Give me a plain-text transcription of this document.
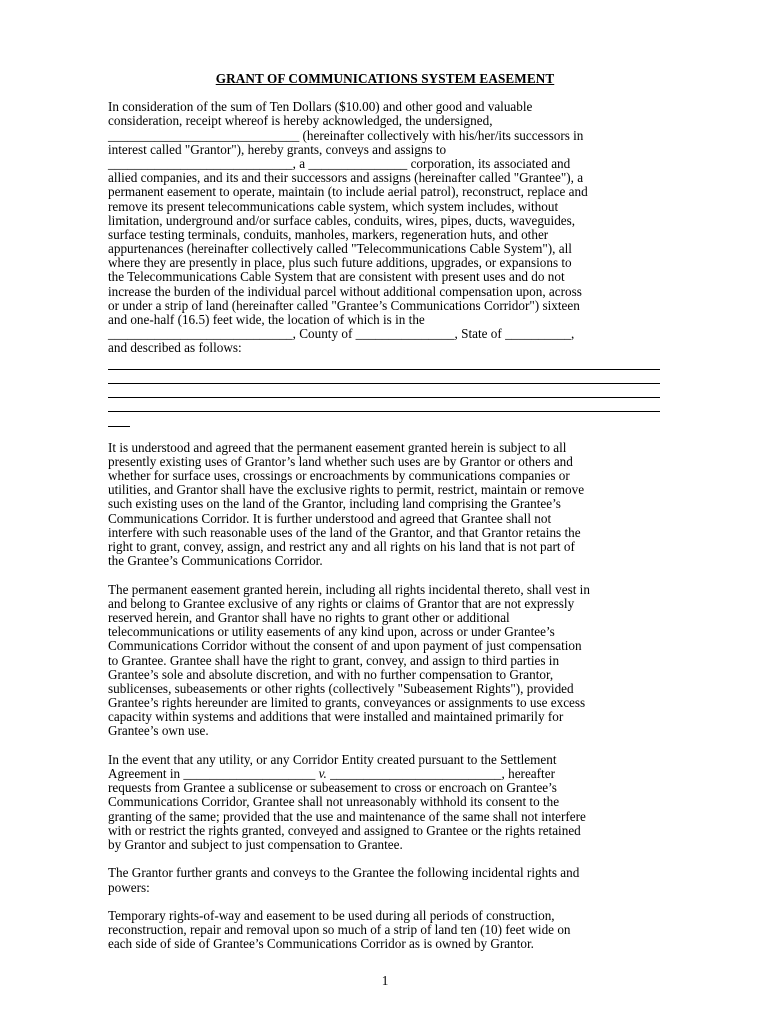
GRANT OF COMMUNICATIONS SYSTEM EASEMENT
In consideration of the sum of Ten Dollars ($10.00) and other good and valuable
consideration, receipt whereof is hereby acknowledged, the undersigned,
_____________________________ (hereinafter collectively with his/her/its successors in
interest called "Grantor"), hereby grants, conveys and assigns to
____________________________, a _______________ corporation, its associated and
allied companies, and its and their successors and assigns (hereinafter called "Grantee"), a
permanent easement to operate, maintain (to include aerial patrol), reconstruct, replace and
remove its present telecommunications cable system, which system includes, without
limitation, underground and/or surface cables, conduits, wires, pipes, ducts, waveguides,
surface testing terminals, conduits, manholes, markers, regeneration huts, and other
appurtenances (hereinafter collectively called "Telecommunications Cable System"), all
where they are presently in place, plus such future additions, upgrades, or expansions to
the Telecommunications Cable System that are consistent with present uses and do not
increase the burden of the individual parcel without additional compensation upon, across
or under a strip of land (hereinafter called "Grantee’s Communications Corridor") sixteen
and one-half (16.5) feet wide, the location of which is in the
____________________________, County of _______________, State of __________,
and described as follows:
It is understood and agreed that the permanent easement granted herein is subject to all
presently existing uses of Grantor’s land whether such uses are by Grantor or others and
whether for surface uses, crossings or encroachments by communications companies or
utilities, and Grantor shall have the exclusive rights to permit, restrict, maintain or remove
such existing uses on the land of the Grantor, including land comprising the Grantee’s
Communications Corridor. It is further understood and agreed that Grantee shall not
interfere with such reasonable uses of the land of the Grantor, and that Grantor retains the
right to grant, convey, assign, and restrict any and all rights on his land that is not part of
the Grantee’s Communications Corridor.
The permanent easement granted herein, including all rights incidental thereto, shall vest in
and belong to Grantee exclusive of any rights or claims of Grantor that are not expressly
reserved herein, and Grantor shall have no rights to grant other or additional
telecommunications or utility easements of any kind upon, across or under Grantee’s
Communications Corridor without the consent of and upon payment of just compensation
to Grantee. Grantee shall have the right to grant, convey, and assign to third parties in
Grantee’s sole and absolute discretion, and with no further compensation to Grantor,
sublicenses, subeasements or other rights (collectively "Subeasement Rights"), provided
Grantee’s rights hereunder are limited to grants, conveyances or assignments to use excess
capacity within systems and additions that were installed and maintained primarily for
Grantee’s own use.
In the event that any utility, or any Corridor Entity created pursuant to the Settlement
Agreement in ____________________ v. __________________________, hereafter
requests from Grantee a sublicense or subeasement to cross or encroach on Grantee’s
Communications Corridor, Grantee shall not unreasonably withhold its consent to the
granting of the same; provided that the use and maintenance of the same shall not interfere
with or restrict the rights granted, conveyed and assigned to Grantee or the rights retained
by Grantor and subject to just compensation to Grantee.
The Grantor further grants and conveys to the Grantee the following incidental rights and
powers:
Temporary rights-of-way and easement to be used during all periods of construction,
reconstruction, repair and removal upon so much of a strip of land ten (10) feet wide on
each side of side of Grantee’s Communications Corridor as is owned by Grantor.
1
